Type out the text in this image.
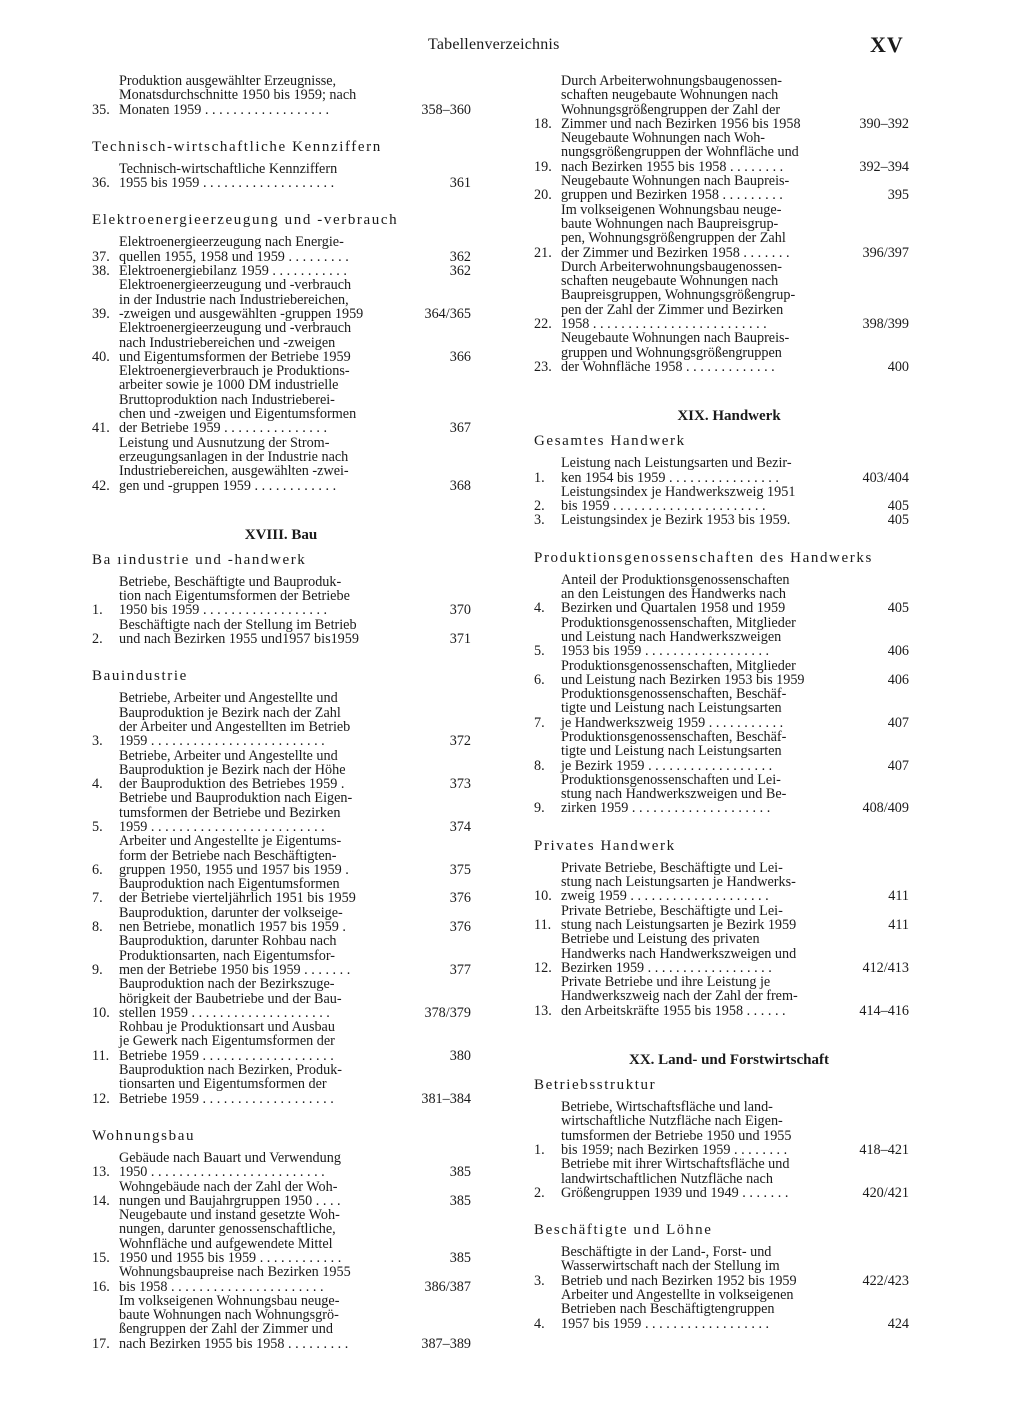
Tabellenverzeichnis	XV
35.
Produktion ausgewählter Erzeugnisse,
Monatsdurchschnitte 1950 bis 1959; nach
Monaten 1959 . . . . . . . . . . . . . . . . . .	358–360
Technisch-wirtschaftliche Kennziffern
36.
Technisch-wirtschaftliche Kennziffern
1955 bis 1959 . . . . . . . . . . . . . . . . . . .	361
Elektroenergieerzeugung und -verbrauch
37.
Elektroenergieerzeugung nach Energie-
quellen 1955, 1958 und 1959 . . . . . . . . .	362
38. Elektroenergiebilanz 1959 . . . . . . . . . . .	362
39.
Elektroenergieerzeugung und -verbrauch
in der Industrie nach Industriebereichen,
-zweigen und ausgewählten -gruppen 1959	364/365
40.
Elektroenergieerzeugung und -verbrauch
nach Industriebereichen und -zweigen
und Eigentumsformen der Betriebe 1959	366
41.
Elektroenergieverbrauch je Produktions-
arbeiter sowie je 1000 DM industrielle
Bruttoproduktion nach Industrieberei-
chen und -zweigen und Eigentumsformen
der Betriebe 1959 . . . . . . . . . . . . . . .	367
42.
Leistung und Ausnutzung der Strom-
erzeugungsanlagen in der Industrie nach
Industriebereichen, ausgewählten -zwei-
gen und -gruppen 1959 . . . . . . . . . . . .	368
XVIII. Bau
Ba ıindustrie und -handwerk
1.
Betriebe, Beschäftigte und Bauproduk-
tion nach Eigentumsformen der Betriebe
1950 bis 1959 . . . . . . . . . . . . . . . . . .	370
2.
Beschäftigte nach der Stellung im Betrieb
und nach Bezirken 1955 und1957 bis1959	371
Bauindustrie
3.
Betriebe, Arbeiter und Angestellte und
Bauproduktion je Bezirk nach der Zahl
der Arbeiter und Angestellten im Betrieb
1959 . . . . . . . . . . . . . . . . . . . . . . . . .	372
4.
Betriebe, Arbeiter und Angestellte und
Bauproduktion je Bezirk nach der Höhe
der Bauproduktion des Betriebes 1959 .	373
5.
Betriebe und Bauproduktion nach Eigen-
tumsformen der Betriebe und Bezirken
1959 . . . . . . . . . . . . . . . . . . . . . . . . .	374
6.
Arbeiter und Angestellte je Eigentums-
form der Betriebe nach Beschäftigten-
gruppen 1950, 1955 und 1957 bis 1959 .	375
7.
Bauproduktion nach Eigentumsformen
der Betriebe vierteljährlich 1951 bis 1959	376
8.
Bauproduktion, darunter der volkseige-
nen Betriebe, monatlich 1957 bis 1959 .	376
9.
Bauproduktion, darunter Rohbau nach
Produktionsarten, nach Eigentumsfor-
men der Betriebe 1950 bis 1959 . . . . . . .	377
10.
Bauproduktion nach der Bezirkszuge-
hörigkeit der Baubetriebe und der Bau-
stellen 1959 . . . . . . . . . . . . . . . . . . . .	378/379
11.
Rohbau je Produktionsart und Ausbau
je Gewerk nach Eigentumsformen der
Betriebe 1959 . . . . . . . . . . . . . . . . . . .	380
12.
Bauproduktion nach Bezirken, Produk-
tionsarten und Eigentumsformen der
Betriebe 1959 . . . . . . . . . . . . . . . . . . .	381–384
Wohnungsbau
13.
Gebäude nach Bauart und Verwendung
1950 . . . . . . . . . . . . . . . . . . . . . . . . .	385
14.
Wohngebäude nach der Zahl der Woh-
nungen und Baujahrgruppen 1950 . . . .	385
15.
Neugebaute und instand gesetzte Woh-
nungen, darunter genossenschaftliche,
Wohnfläche und aufgewendete Mittel
1950 und 1955 bis 1959 . . . . . . . . . . . .	385
16.
Wohnungsbaupreise nach Bezirken 1955
bis 1958 . . . . . . . . . . . . . . . . . . . . . .	386/387
17.
Im volkseigenen Wohnungsbau neuge-
baute Wohnungen nach Wohnungsgrö-
ßengruppen der Zahl der Zimmer und
nach Bezirken 1955 bis 1958 . . . . . . . . .	387–389
18.
Durch Arbeiterwohnungsbaugenossen-
schaften neugebaute Wohnungen nach
Wohnungsgrößengruppen der Zahl der
Zimmer und nach Bezirken 1956 bis 1958	390–392
19.
Neugebaute Wohnungen nach Woh-
nungsgrößengruppen der Wohnfläche und
nach Bezirken 1955 bis 1958 . . . . . . . .	392–394
20.
Neugebaute Wohnungen nach Baupreis-
gruppen und Bezirken 1958 . . . . . . . . .	395
21.
Im volkseigenen Wohnungsbau neuge-
baute Wohnungen nach Baupreisgrup-
pen, Wohnungsgrößengruppen der Zahl
der Zimmer und Bezirken 1958 . . . . . . .	396/397
22.
Durch Arbeiterwohnungsbaugenossen-
schaften neugebaute Wohnungen nach
Baupreisgruppen, Wohnungsgrößengrup-
pen der Zahl der Zimmer und Bezirken
1958 . . . . . . . . . . . . . . . . . . . . . . . . .	398/399
23.
Neugebaute Wohnungen nach Baupreis-
gruppen und Wohnungsgrößengruppen
der Wohnfläche 1958 . . . . . . . . . . . . .	400
XIX. Handwerk
Gesamtes Handwerk
1.
Leistung nach Leistungsarten und Bezir-
ken 1954 bis 1959 . . . . . . . . . . . . . . . .	403/404
2.
Leistungsindex je Handwerkszweig 1951
bis 1959 . . . . . . . . . . . . . . . . . . . . . .	405
3.	Leistungsindex je Bezirk 1953 bis 1959.	405
Produktionsgenossenschaften des Handwerks
4.
Anteil der Produktionsgenossenschaften
an den Leistungen des Handwerks nach
Bezirken und Quartalen 1958 und 1959	405
5.
Produktionsgenossenschaften, Mitglieder
und Leistung nach Handwerkszweigen
1953 bis 1959 . . . . . . . . . . . . . . . . . .	406
6.
Produktionsgenossenschaften, Mitglieder
und Leistung nach Bezirken 1953 bis 1959	406
7.
Produktionsgenossenschaften, Beschäf-
tigte und Leistung nach Leistungsarten
je Handwerkszweig 1959 . . . . . . . . . . .	407
8.
Produktionsgenossenschaften, Beschäf-
tigte und Leistung nach Leistungsarten
je Bezirk 1959 . . . . . . . . . . . . . . . . . .	407
9.
Produktionsgenossenschaften und Lei-
stung nach Handwerkszweigen und Be-
zirken 1959 . . . . . . . . . . . . . . . . . . . .	408/409
Privates Handwerk
10.
Private Betriebe, Beschäftigte und Lei-
stung nach Leistungsarten je Handwerks-
zweig 1959 . . . . . . . . . . . . . . . . . . . .	411
11.
Private Betriebe, Beschäftigte und Lei-
stung nach Leistungsarten je Bezirk 1959	411
12.
Betriebe und Leistung des privaten
Handwerks nach Handwerkszweigen und
Bezirken 1959 . . . . . . . . . . . . . . . . . .	412/413
13.
Private Betriebe und ihre Leistung je
Handwerkszweig nach der Zahl der frem-
den Arbeitskräfte 1955 bis 1958 . . . . . .	414–416
XX. Land- und Forstwirtschaft
Betriebsstruktur
1.
Betriebe, Wirtschaftsfläche und land-
wirtschaftliche Nutzfläche nach Eigen-
tumsformen der Betriebe 1950 und 1955
bis 1959; nach Bezirken 1959 . . . . . . . .	418–421
2.
Betriebe mit ihrer Wirtschaftsfläche und
landwirtschaftlichen Nutzfläche nach
Größengruppen 1939 und 1949 . . . . . . .	420/421
Beschäftigte und Löhne
3.
Beschäftigte in der Land-, Forst- und
Wasserwirtschaft nach der Stellung im
Betrieb und nach Bezirken 1952 bis 1959	422/423
4.
Arbeiter und Angestellte in volkseigenen
Betrieben nach Beschäftigtengruppen
1957 bis 1959 . . . . . . . . . . . . . . . . . .	424
